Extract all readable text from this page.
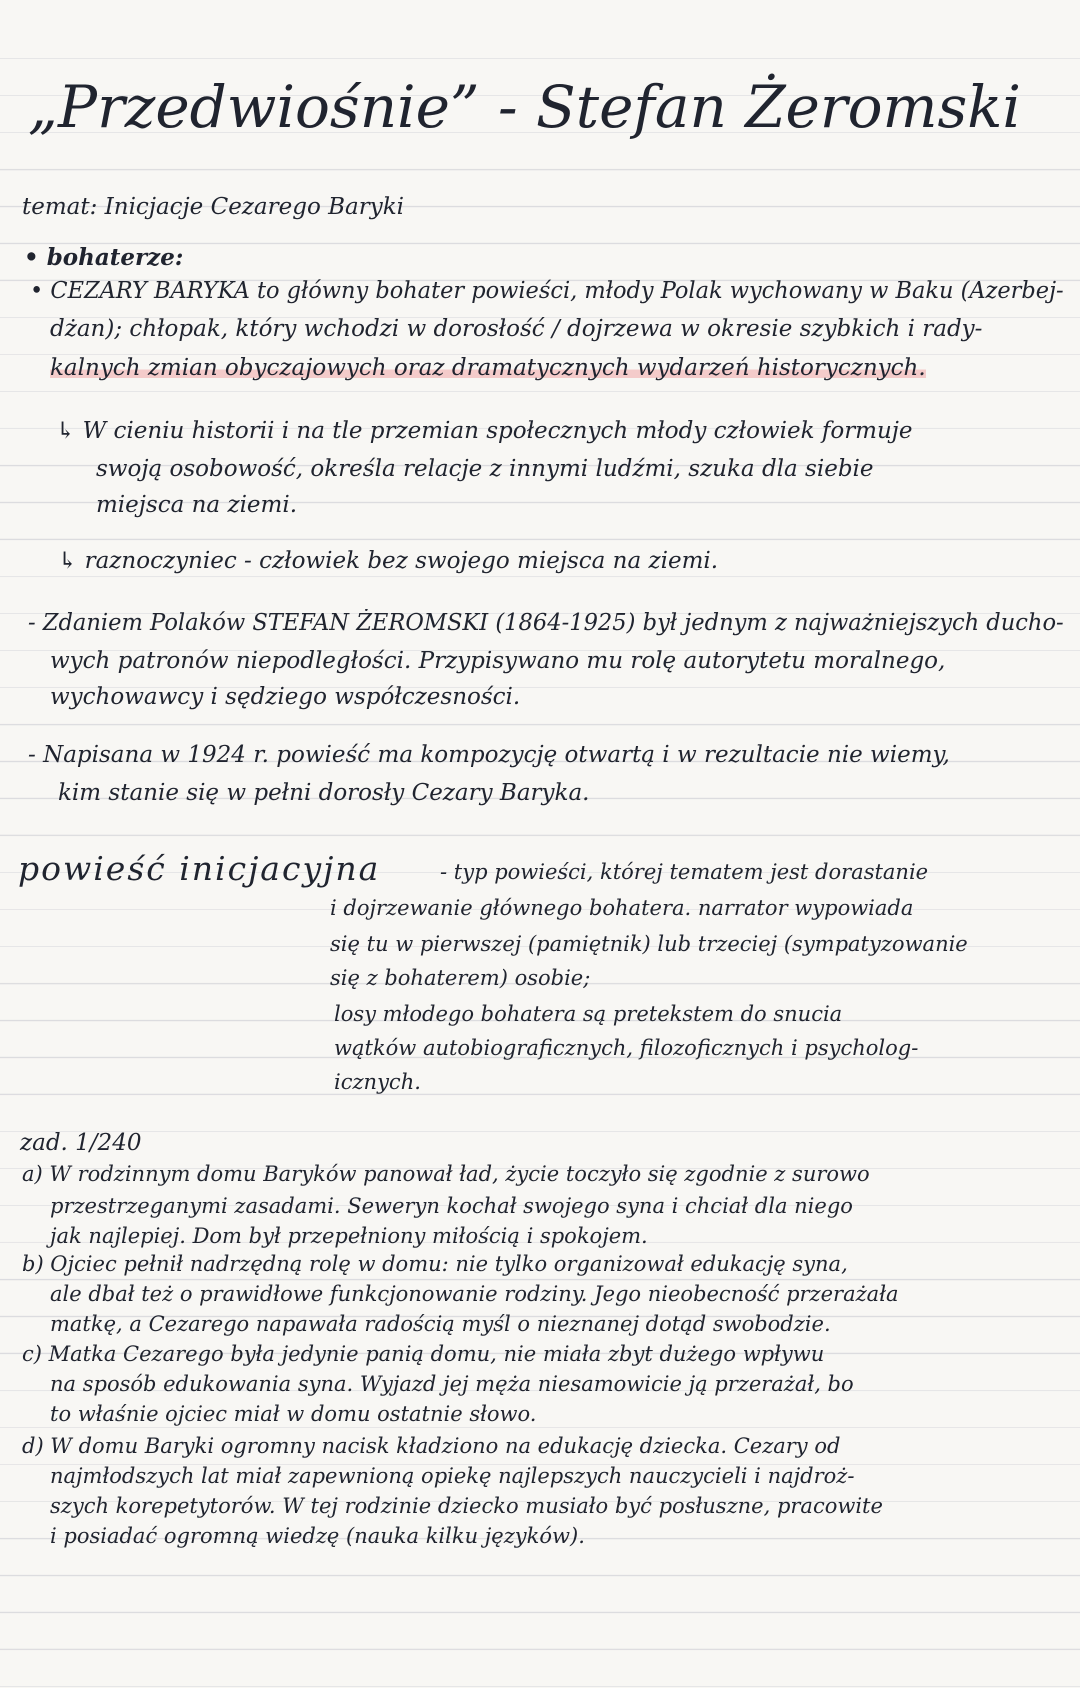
„Przedwiośnie” - Stefan Żeromski
temat: Inicjacje Cezarego Baryki
• bohaterze:
• CEZARY BARYKA to główny bohater powieści, młody Polak wychowany w Baku (Azerbej-
dżan); chłopak, który wchodzi w dorosłość / dojrzewa w okresie szybkich i rady-
kalnych zmian obyczajowych oraz dramatycznych wydarzeń historycznych.
↳ W cieniu historii i na tle przemian społecznych młody człowiek formuje
swoją osobowość, określa relacje z innymi ludźmi, szuka dla siebie
miejsca na ziemi.
↳ raznoczyniec - człowiek bez swojego miejsca na ziemi.
- Zdaniem Polaków STEFAN ŻEROMSKI (1864-1925) był jednym z najważniejszych ducho-
wych patronów niepodległości. Przypisywano mu rolę autorytetu moralnego,
wychowawcy i sędziego współczesności.
- Napisana w 1924 r. powieść ma kompozycję otwartą i w rezultacie nie wiemy,
kim stanie się w pełni dorosły Cezary Baryka.
powieść inicjacyjna	- typ powieści, której tematem jest dorastanie
i dojrzewanie głównego bohatera. narrator wypowiada
się tu w pierwszej (pamiętnik) lub trzeciej (sympatyzowanie
się z bohaterem) osobie;
losy młodego bohatera są pretekstem do snucia
wątków autobiograficznych, filozoficznych i psycholog-
icznych.
zad. 1/240
a) W rodzinnym domu Baryków panował ład, życie toczyło się zgodnie z surowo
przestrzeganymi zasadami. Seweryn kochał swojego syna i chciał dla niego
jak najlepiej. Dom był przepełniony miłością i spokojem.
b) Ojciec pełnił nadrzędną rolę w domu: nie tylko organizował edukację syna,
ale dbał też o prawidłowe funkcjonowanie rodziny. Jego nieobecność przerażała
matkę, a Cezarego napawała radością myśl o nieznanej dotąd swobodzie.
c) Matka Cezarego była jedynie panią domu, nie miała zbyt dużego wpływu
na sposób edukowania syna. Wyjazd jej męża niesamowicie ją przerażał, bo
to właśnie ojciec miał w domu ostatnie słowo.
d) W domu Baryki ogromny nacisk kładziono na edukację dziecka. Cezary od
najmłodszych lat miał zapewnioną opiekę najlepszych nauczycieli i najdroż-
szych korepetytorów. W tej rodzinie dziecko musiało być posłuszne, pracowite
i posiadać ogromną wiedzę (nauka kilku języków).
